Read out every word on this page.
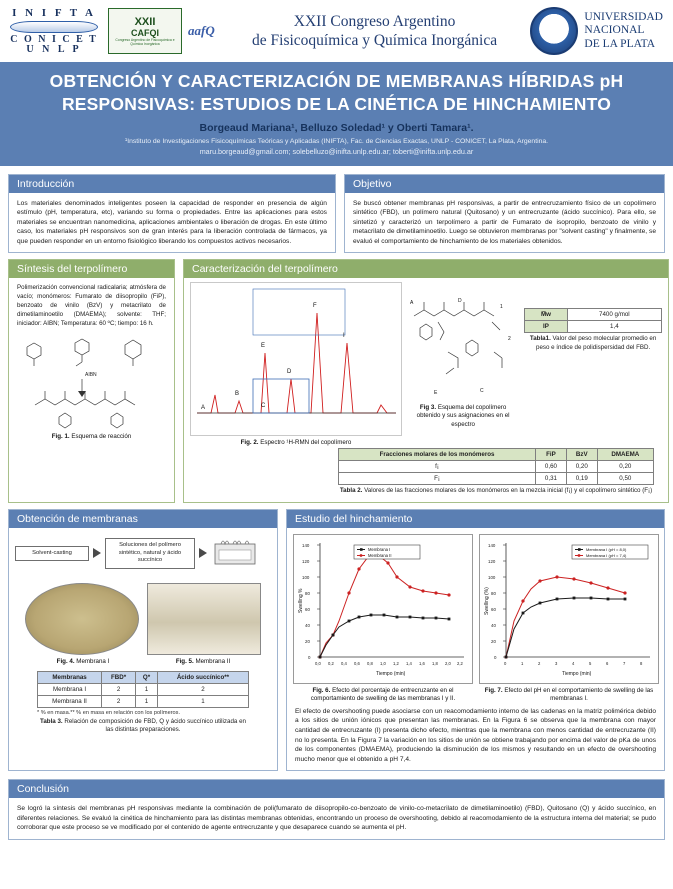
I N I F T A
C O N I C E T
U N L P
XXII
CAFQI
Congreso Argentino de Fisicoquímica e Química Inorgánica
aafQ
XXII Congreso Argentino
de Fisicoquímica y Química Inorgánica
UNIVERSIDAD
NACIONAL
DE LA PLATA
OBTENCIÓN Y CARACTERIZACIÓN DE MEMBRANAS HÍBRIDAS pH
RESPONSIVAS: ESTUDIOS DE LA CINÉTICA DE HINCHAMIENTO
Borgeaud Mariana¹, Belluzo Soledad¹ y Oberti Tamara¹.
¹Instituto de Investigaciones Fisicoquímicas Teóricas y Aplicadas (INIFTA), Fac. de Ciencias Exactas, UNLP - CONICET, La Plata, Argentina.
maru.borgeaud@gmail.com; solebelluzo@inifta.unlp.edu.ar; toberti@inifta.unlp.edu.ar
Introducción
Los materiales denominados inteligentes poseen la capacidad de responder en presencia de algún estímulo (pH, temperatura, etc), variando su forma o propiedades. Entre las aplicaciones para estos materiales se encuentran nanomedicina, aplicaciones ambientales o liberación de drogas. En este último caso, los materiales pH responsivos son de gran interés para la liberación controlada de fármacos, ya que pueden responder en un entorno fisiológico liberando los compuestos activos necesarios.
Objetivo
Se buscó obtener membranas pH responsivas, a partir de entrecruzamiento físico de un copolímero sintético (FBD), un polímero natural (Quitosano) y un entrecruzante (ácido succínico). Para ello, se sintetizó y caracterizó un terpolímero a partir de Fumarato de isopropilo, benzoato de vinilo y metacrilato de dimetilaminoetilo. Luego se obtuvieron membranas por "solvent casting" y finalmente, se evaluó el comportamiento de hinchamiento de los materiales obtenidos.
Síntesis del terpolímero
Polimerización convencional radicalaria; atmósfera de vacío; monómeros: Fumarato de diisopropilo (FiP), benzoato de vinilo (BzV) y metacrilato de dimetilaminoetilo (DMAEMA); solvente: THF; iniciador: AIBN; Temperatura: 60 ºC; tiempo: 16 h.
AIBN
Fig. 1. Esquema de reacción
Caracterización del terpolímero
A
B
E
D
F
I
C
Fig. 2. Espectro ¹H-RMN del copolímero
A	D
1
2
E	C
Fig 3. Esquema del copolímero obtenido y sus asignaciones en el espectro
M̄w	7400 g/mol
IP	1,4
Tabla1. Valor del peso molecular promedio en peso e índice de polidispersidad del FBD.
Fracciones molares de los monómeros	FiP	BzV	DMAEMA
f¡	0,60	0,20	0,20
F¡	0,31	0,19	0,50
Tabla 2. Valores de las fracciones molares de los monómeros en la mezcla inicial (f¡) y el copolímero sintético (F¡)
Obtención de membranas
Solvent-casting
Soluciones del polímero sintético, natural y ácido succínico
Fig. 4. Membrana I	Fig. 5. Membrana II
Membranas	FBD*	Q*	Ácido succínico**
Membrana I	2	1	2
Membrana II	2	1	1
* % en masa.** % en masa en relación con los polímeros.
Tabla 3. Relación de composición de FBD, Q y ácido succínico utilizada en las distintas preparaciones.
Estudio del hinchamiento
0
20
40
60
80
100
120
140
0,0 0,2 0,4 0,6 0,8 1,0 1,2 1,4 1,6 1,8 2,0 2,2
Membrana I
Membrana II
Tiempo (min)
Swelling %
Fig. 6. Efecto del porcentaje de entrecruzante en el comportamiento de swelling de las membranas I y II.
0
20
40
60
80
100
120
140
0	1	2	3	4	5	6	7	8
Membrana I (pH = 8,0)
Membrana I (pH = 7,4)
Tiempo (min)
Swelling (%)
Fig. 7. Efecto del pH en el comportamiento de swelling de las membranas I.
El efecto de overshooting puede asociarse con un reacomodamiento interno de las cadenas en la matriz polimérica debido a los sitios de unión iónicos que presentan las membranas. En la Figura 6 se observa que la membrana con mayor cantidad de entrecruzante (I) presenta dicho efecto, mientras que la membrana con menos cantidad de entrecruzante (II) no lo presenta. En la Figura 7 la variación en los sitios de unión se obtiene trabajando por encima del valor de pKa de unos de los componentes (DMAEMA), produciendo la disminución de los mismos y resultando en un efecto de overshooting mucho menor que el obtenido a pH 7,4.
Conclusión
Se logró la síntesis del membranas pH responsivas mediante la combinación de poli(fumarato de diisopropilo-co-benzoato de vinilo-co-metacrilato de dimetilaminoetilo) (FBD), Quitosano (Q) y ácido succínico, en diferentes relaciones. Se evaluó la cinética de hinchamiento para las distintas membranas obtenidas, encontrando un proceso de overshooting, debido al reacomodamiento de la estructura interna del material; se pudo corroborar que este proceso se ve modificado por el contenido de agente entrecruzante y que desaparece cuando se aumenta el pH.
